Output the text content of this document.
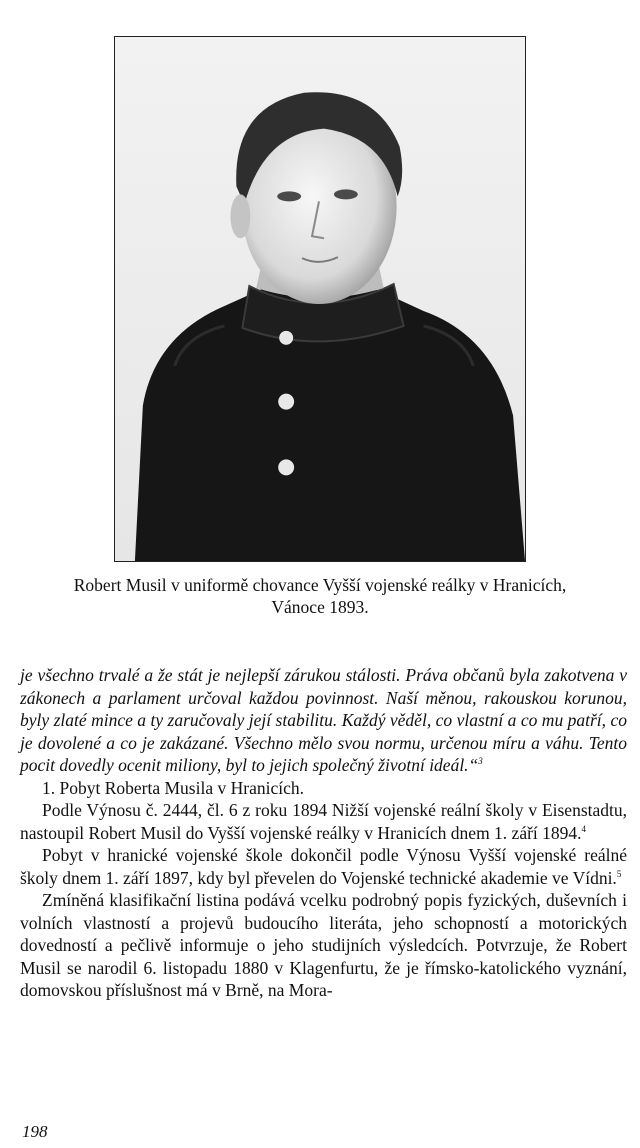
Robert Musil v uniformě chovance Vyšší vojenské reálky v Hranicích,
Vánoce 1893.

je všechno trvalé a že stát je nejlepší zárukou stálosti. Práva občanů byla zakotvena v zákonech a parlament určoval každou povinnost. Naší měnou, rakouskou korunou, byly zlaté mince a ty zaručovaly její stabilitu. Každý věděl, co vlastní a co mu patří, co je dovolené a co je zakázané. Všechno mělo svou normu, určenou míru a váhu. Tento pocit dovedly ocenit miliony, byl to jejich společný životní ideál.“$^3$

1. Pobyt Roberta Musila v Hranicích.

Podle Výnosu č. 2444, čl. 6 z roku 1894 Nižší vojenské reální školy v Eisenstadtu, nastoupil Robert Musil do Vyšší vojenské reálky v Hranicích dnem 1. září 1894.$^4$

Pobyt v hranické vojenské škole dokončil podle Výnosu Vyšší vojenské reálné školy dnem 1. září 1897, kdy byl převelen do Vojenské technické akademie ve Vídni.$^5$

Zmíněná klasifikační listina podává vcelku podrobný popis fyzických, duševních i volních vlastností a projevů budoucího literáta, jeho schopností a motorických dovedností a pečlivě informuje o jeho studijních výsledcích. Potvrzuje, že Robert Musil se narodil 6. listopadu 1880 v Klagenfurtu, že je římsko-katolického vyznání, domovskou příslušnost má v Brně, na Mora-

198
